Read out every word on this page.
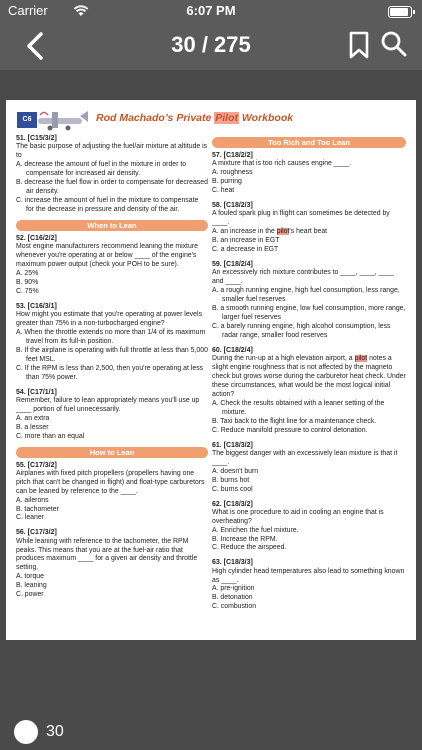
Carrier	6:07 PM
30 / 275
C6	Rod Machado’s Private Pilot Workbook
51. [C15/3/2]
The basic purpose of adjusting the fuel/air mixture at altitude is to
A. decrease the amount of fuel in the mixture in order to compensate for increased air density.
B. decrease the fuel flow in order to compensate for decreased air density.
C. increase the amount of fuel in the mixture to compensate for the decrease in pressure and density of the air.
When to Lean
52. [C16/2/2]
Most engine manufacturers recommend leaning the mixture whenever you're operating at or below ____ of the engine's maximum power output (check your POH to be sure).
A. 25%
B. 90%
C. 75%
53. [C16/3/1]
How might you estimate that you're operating at power levels greater than 75% in a non-turbocharged engine?
A. When the throttle extends no more than 1/4 of its maximum travel from its full-in position.
B. If the airplane is operating with full throttle at less than 5,000 feet MSL.
C. If the RPM is less than 2,500, then you're operating at less than 75% power.
54. [C17/1/1]
Remember, failure to lean appropriately means you'll use up ____ portion of fuel unnecessarily.
A. an extra
B. a lesser
C. more than an equal
How to Lean
55. [C17/3/2]
Airplanes with fixed pitch propellers (propellers having one pitch that can't be changed in flight) and float-type carburetors can be leaned by reference to the ____.
A. ailerons
B. tachometer
C. leaner
56. [C17/3/2]
While leaning with reference to the tachometer, the RPM peaks. This means that you are at the fuel-air ratio that produces maximum ____ for a given air density and throttle setting.
A. torque
B. leaning
C. power
Too Rich and Too Lean
57. [C18/2/2]
A mixture that is too rich causes engine ____.
A. roughness
B. purring
C. heat
58. [C18/2/3]
A fouled spark plug in flight can sometimes be detected by ____.
A. an increase in the pilot's heart beat
B. an increase in EGT
C. a decrease in EGT
59. [C18/2/4]
An excessively rich mixture contributes to ____, ____, ____ and ____.
A. a rough running engine, high fuel consumption, less range, smaller fuel reserves
B. a smooth running engine, low fuel consumption, more range, larger fuel reserves
C. a barely running engine, high alcohol consumption, less radar range, smaller food reserves
60. [C18/2/4]
During the run-up at a high elevation airport, a pilot notes a slight engine roughness that is not affected by the magneto check but grows worse during the carburetor heat check. Under these circumstances, what would be the most logical initial action?
A. Check the results obtained with a leaner setting of the mixture.
B. Taxi back to the flight line for a maintenance check.
C. Reduce manifold pressure to control detonation.
61. [C18/3/2]
The biggest danger with an excessively lean mixture is that it ____.
A. doesn't burn
B. burns hot
C. burns cool
62. [C18/3/2]
What is one procedure to aid in cooling an engine that is overheating?
A. Enrichen the fuel mixture.
B. Increase the RPM.
C. Reduce the airspeed.
63. [C18/3/3]
High cylinder head temperatures also lead to something known as ____.
A. pre-ignition
B. detonation
C. combustion
30
